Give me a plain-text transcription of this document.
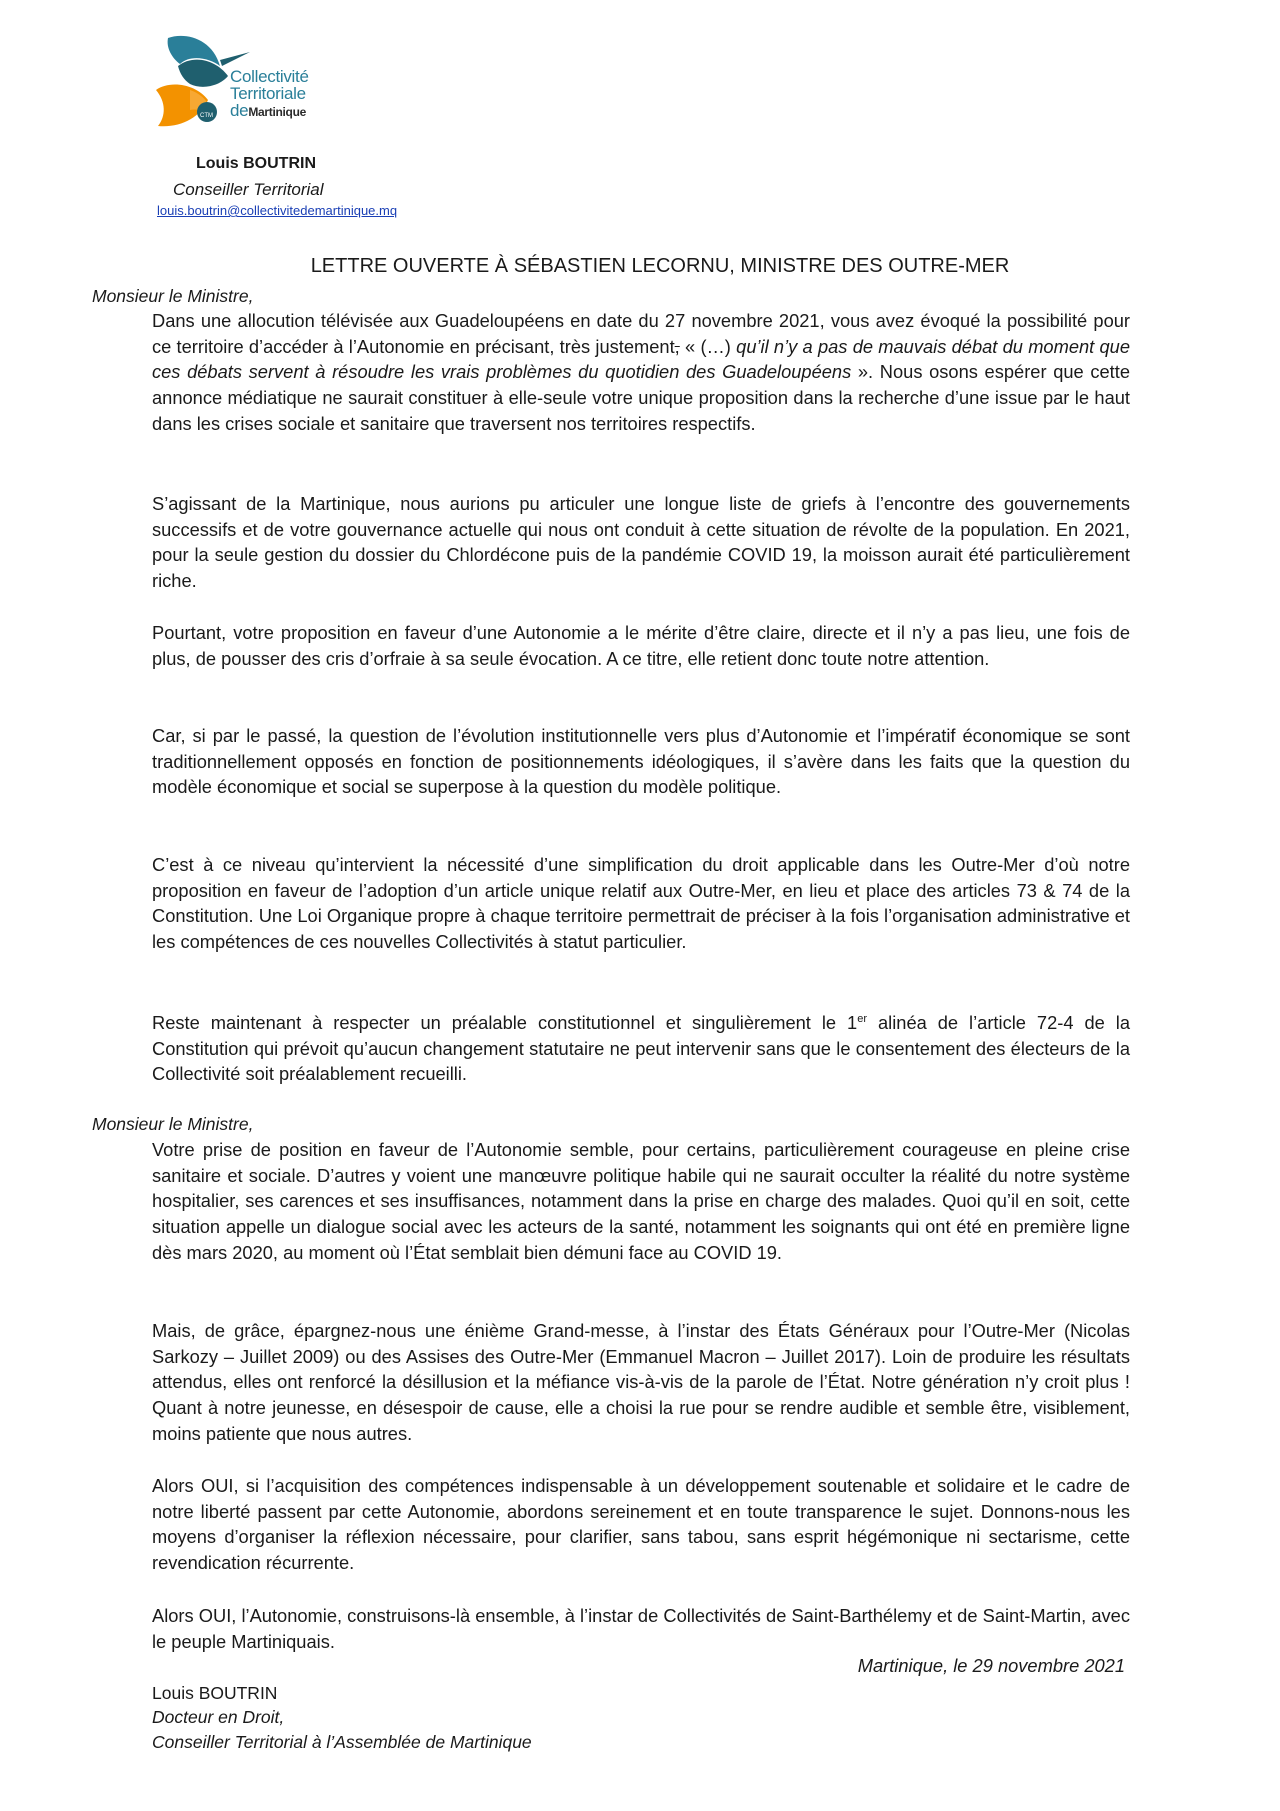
CTM
Collectivité
Territoriale
deMartinique
Louis BOUTRIN
Conseiller Territorial
louis.boutrin@collectivitedemartinique.mq
LETTRE OUVERTE À SÉBASTIEN LECORNU, MINISTRE DES OUTRE-MER
Monsieur le Ministre,

Dans une allocution télévisée aux Guadeloupéens en date du 27 novembre 2021, vous avez évoqué la possibilité pour ce territoire d’accéder à l’Autonomie en précisant, très justement, « (…) qu’il n’y a pas de mauvais débat du moment que ces débats servent à résoudre les vrais problèmes du quotidien des Guadeloupéens ». Nous osons espérer que cette annonce médiatique ne saurait constituer à elle-seule votre unique proposition dans la recherche d’une issue par le haut dans les crises sociale et sanitaire que traversent nos territoires respectifs.

S’agissant de la Martinique, nous aurions pu articuler une longue liste de griefs à l’encontre des gouvernements successifs et de votre gouvernance actuelle qui nous ont conduit à cette situation de révolte de la population. En 2021, pour la seule gestion du dossier du Chlordécone puis de la pandémie COVID 19, la moisson aurait été particulièrement riche.

Pourtant, votre proposition en faveur d’une Autonomie a le mérite d’être claire, directe et il n’y a pas lieu, une fois de plus, de pousser des cris d’orfraie à sa seule évocation. A ce titre, elle retient donc toute notre attention.

Car, si par le passé, la question de l’évolution institutionnelle vers plus d’Autonomie et l’impératif économique se sont traditionnellement opposés en fonction de positionnements idéologiques, il s’avère dans les faits que la question du modèle économique et social se superpose à la question du modèle politique.

C’est à ce niveau qu’intervient la nécessité d’une simplification du droit applicable dans les Outre-Mer d’où notre proposition en faveur de l’adoption d’un article unique relatif aux Outre-Mer, en lieu et place des articles 73 & 74 de la Constitution. Une Loi Organique propre à chaque territoire permettrait de préciser à la fois l’organisation administrative et les compétences de ces nouvelles Collectivités à statut particulier.

Reste maintenant à respecter un préalable constitutionnel et singulièrement le 1er alinéa de l’article 72-4 de la Constitution qui prévoit qu’aucun changement statutaire ne peut intervenir sans que le consentement des électeurs de la Collectivité soit préalablement recueilli.

Monsieur le Ministre,

Votre prise de position en faveur de l’Autonomie semble, pour certains, particulièrement courageuse en pleine crise sanitaire et sociale. D’autres y voient une manœuvre politique habile qui ne saurait occulter la réalité du notre système hospitalier, ses carences et ses insuffisances, notamment dans la prise en charge des malades. Quoi qu’il en soit, cette situation appelle un dialogue social avec les acteurs de la santé, notamment les soignants qui ont été en première ligne dès mars 2020, au moment où l’État semblait bien démuni face au COVID 19.

Mais, de grâce, épargnez-nous une énième Grand-messe, à l’instar des États Généraux pour l’Outre-Mer (Nicolas Sarkozy – Juillet 2009) ou des Assises des Outre-Mer (Emmanuel Macron – Juillet 2017). Loin de produire les résultats attendus, elles ont renforcé la désillusion et la méfiance vis-à-vis de la parole de l’État. Notre génération n’y croit plus ! Quant à notre jeunesse, en désespoir de cause, elle a choisi la rue pour se rendre audible et semble être, visiblement, moins patiente que nous autres.

Alors OUI, si l’acquisition des compétences indispensable à un développement soutenable et solidaire et le cadre de notre liberté passent par cette Autonomie, abordons sereinement et en toute transparence le sujet. Donnons-nous les moyens d’organiser la réflexion nécessaire, pour clarifier, sans tabou, sans esprit hégémonique ni sectarisme, cette revendication récurrente.

Alors OUI, l’Autonomie, construisons-là ensemble, à l’instar de Collectivités de Saint-Barthélemy et de Saint-Martin, avec le peuple Martiniquais.

Martinique, le 29 novembre 2021
Louis BOUTRIN
Docteur en Droit,
Conseiller Territorial à l’Assemblée de Martinique
